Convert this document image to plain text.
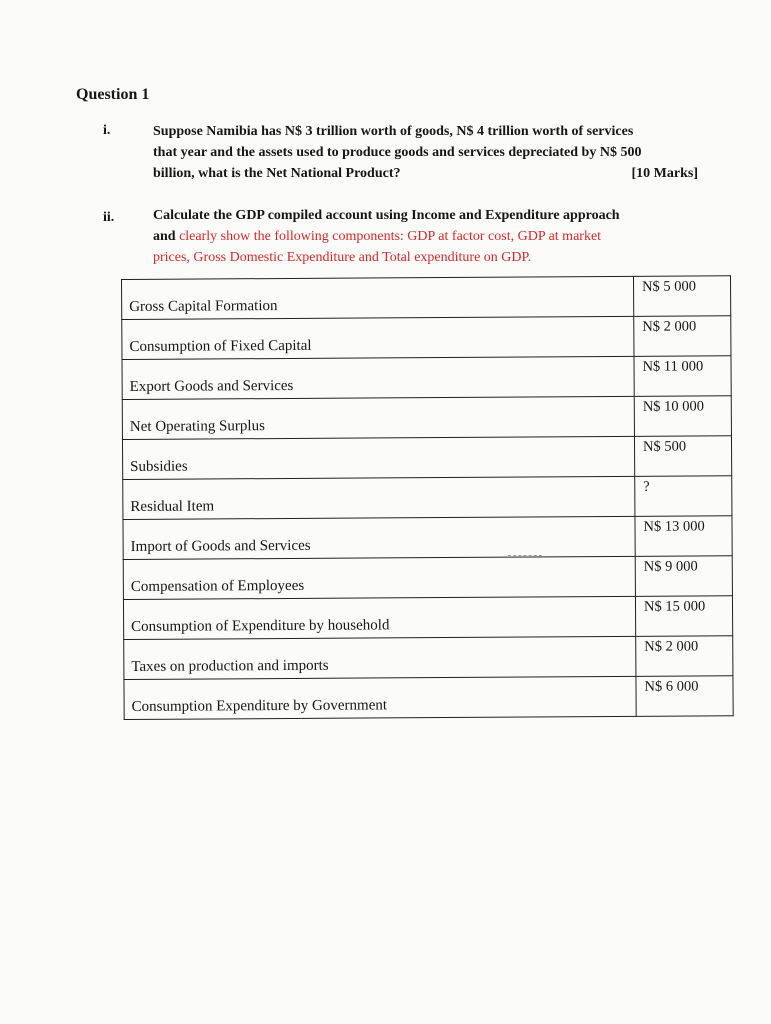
Question 1
i.	Suppose Namibia has N$ 3 trillion worth of goods, N$ 4 trillion worth of services
that year and the assets used to produce goods and services depreciated by N$ 500
billion, what is the Net National Product?	[10 Marks]
ii.	Calculate the GDP compiled account using Income and Expenditure approach
and clearly show the following components: GDP at factor cost, GDP at market
prices, Gross Domestic Expenditure and Total expenditure on GDP.
Gross Capital Formation	N$ 5 000
Consumption of Fixed Capital	N$ 2 000
Export Goods and Services	N$ 11 000
Net Operating Surplus	N$ 10 000
Subsidies	N$ 500
Residual Item	?
Import of Goods and Services	N$ 13 000
Compensation of Employees	N$ 9 000
Consumption of Expenditure by household	N$ 15 000
Taxes on production and imports	N$ 2 000
Consumption Expenditure by Government	N$ 6 000
